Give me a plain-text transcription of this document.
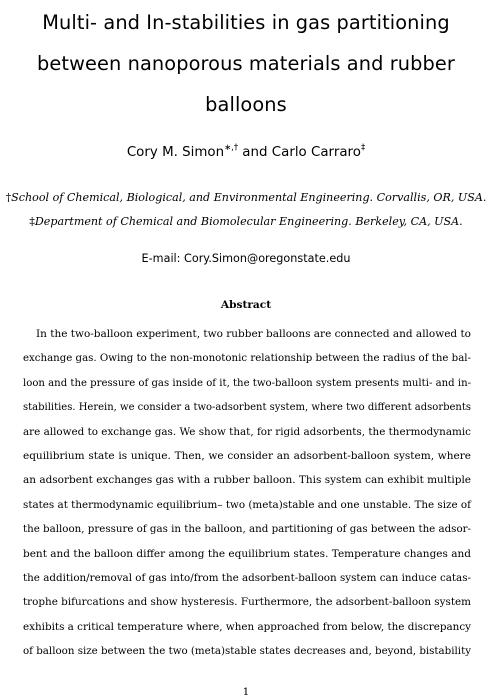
Multi- and In-stabilities in gas partitioning
between nanoporous materials and rubber
balloons
Cory M. Simon∗,† and Carlo Carraro‡
†School of Chemical, Biological, and Environmental Engineering. Corvallis, OR, USA.
‡Department of Chemical and Biomolecular Engineering. Berkeley, CA, USA.
E-mail: Cory.Simon@oregonstate.edu
Abstract
In the two-balloon experiment, two rubber balloons are connected and allowed to
exchange gas. Owing to the non-monotonic relationship between the radius of the bal-
loon and the pressure of gas inside of it, the two-balloon system presents multi- and in-
stabilities. Herein, we consider a two-adsorbent system, where two different adsorbents
are allowed to exchange gas. We show that, for rigid adsorbents, the thermodynamic
equilibrium state is unique. Then, we consider an adsorbent-balloon system, where
an adsorbent exchanges gas with a rubber balloon. This system can exhibit multiple
states at thermodynamic equilibrium– two (meta)stable and one unstable. The size of
the balloon, pressure of gas in the balloon, and partitioning of gas between the adsor-
bent and the balloon differ among the equilibrium states. Temperature changes and
the addition/removal of gas into/from the adsorbent-balloon system can induce catas-
trophe bifurcations and show hysteresis. Furthermore, the adsorbent-balloon system
exhibits a critical temperature where, when approached from below, the discrepancy
of balloon size between the two (meta)stable states decreases and, beyond, bistability
1
